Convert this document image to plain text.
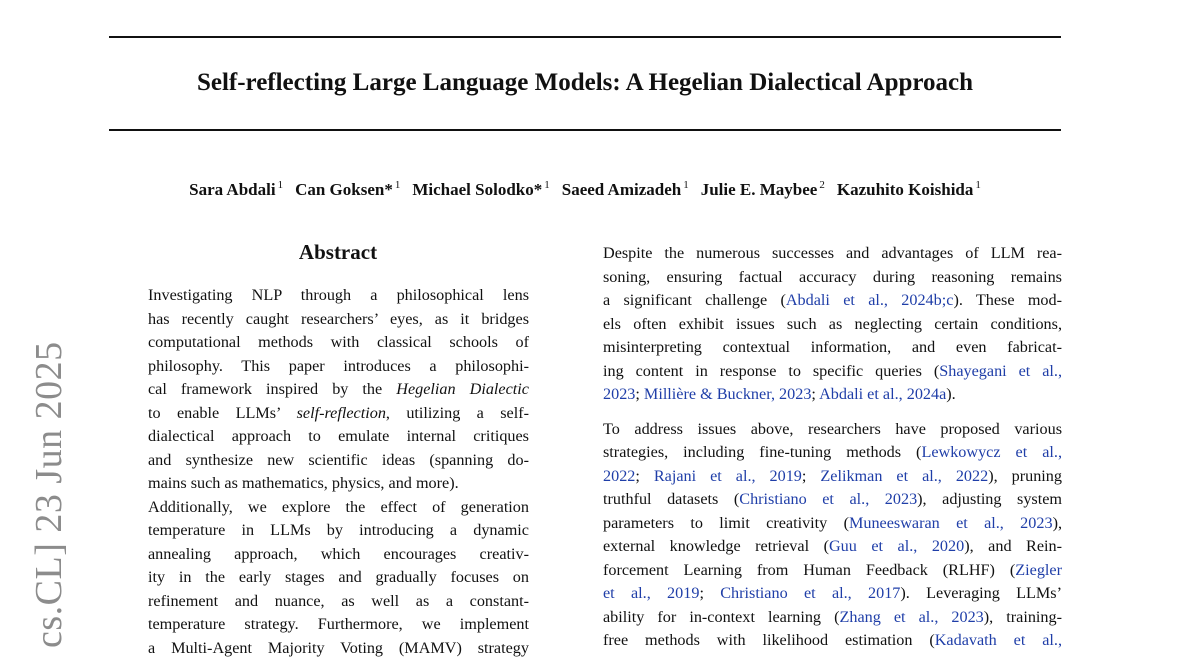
Self-reflecting Large Language Models: A Hegelian Dialectical Approach
Sara Abdali $^1$ Can Goksen* $^1$ Michael Solodko* $^1$ Saeed Amizadeh $^1$ Julie E. Maybee $^2$ Kazuhito Koishida $^1$
cs.CL] 23 Jun 2025
Abstract
Investigating NLP through a philosophical lens
has recently caught researchers’ eyes, as it bridges
computational methods with classical schools of
philosophy. This paper introduces a philosophi-
cal framework inspired by the Hegelian Dialectic
to enable LLMs’ self-reflection, utilizing a self-
dialectical approach to emulate internal critiques
and synthesize new scientific ideas (spanning do-
mains such as mathematics, physics, and more).
Additionally, we explore the effect of generation
temperature in LLMs by introducing a dynamic
annealing approach, which encourages creativ-
ity in the early stages and gradually focuses on
refinement and nuance, as well as a constant-
temperature strategy. Furthermore, we implement
a Multi-Agent Majority Voting (MAMV) strategy
Despite the numerous successes and advantages of LLM rea-
soning, ensuring factual accuracy during reasoning remains
a significant challenge (Abdali et al., 2024b;c). These mod-
els often exhibit issues such as neglecting certain conditions,
misinterpreting contextual information, and even fabricat-
ing content in response to specific queries (Shayegani et al.,
2023; Millière & Buckner, 2023; Abdali et al., 2024a).
To address issues above, researchers have proposed various
strategies, including fine-tuning methods (Lewkowycz et al.,
2022; Rajani et al., 2019; Zelikman et al., 2022), pruning
truthful datasets (Christiano et al., 2023), adjusting system
parameters to limit creativity (Muneeswaran et al., 2023),
external knowledge retrieval (Guu et al., 2020), and Rein-
forcement Learning from Human Feedback (RLHF) (Ziegler
et al., 2019; Christiano et al., 2017). Leveraging LLMs’
ability for in-context learning (Zhang et al., 2023), training-
free methods with likelihood estimation (Kadavath et al.,
